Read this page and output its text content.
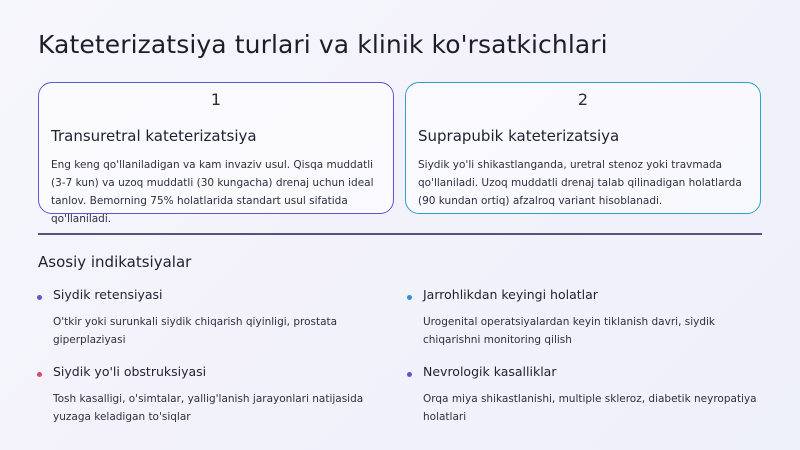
Kateterizatsiya turlari va klinik ko'rsatkichlari
1
Transuretral kateterizatsiya
Eng keng qo'llaniladigan va kam invaziv usul. Qisqa muddatli (3-7 kun) va uzoq muddatli (30 kungacha) drenaj uchun ideal tanlov. Bemorning 75% holatlarida standart usul sifatida qo'llaniladi.
2
Suprapubik kateterizatsiya
Siydik yo'li shikastlanganda, uretral stenoz yoki travmada qo'llaniladi. Uzoq muddatli drenaj talab qilinadigan holatlarda (90 kundan ortiq) afzalroq variant hisoblanadi.
Asosiy indikatsiyalar
Siydik retensiyasi
O'tkir yoki surunkali siydik chiqarish qiyinligi, prostata giperplaziyasi
Jarrohlikdan keyingi holatlar
Urogenital operatsiyalardan keyin tiklanish davri, siydik chiqarishni monitoring qilish
Siydik yo'li obstruksiyasi
Tosh kasalligi, o'simtalar, yallig'lanish jarayonlari natijasida yuzaga keladigan to'siqlar
Nevrologik kasalliklar
Orqa miya shikastlanishi, multiple skleroz, diabetik neyropatiya holatlari
